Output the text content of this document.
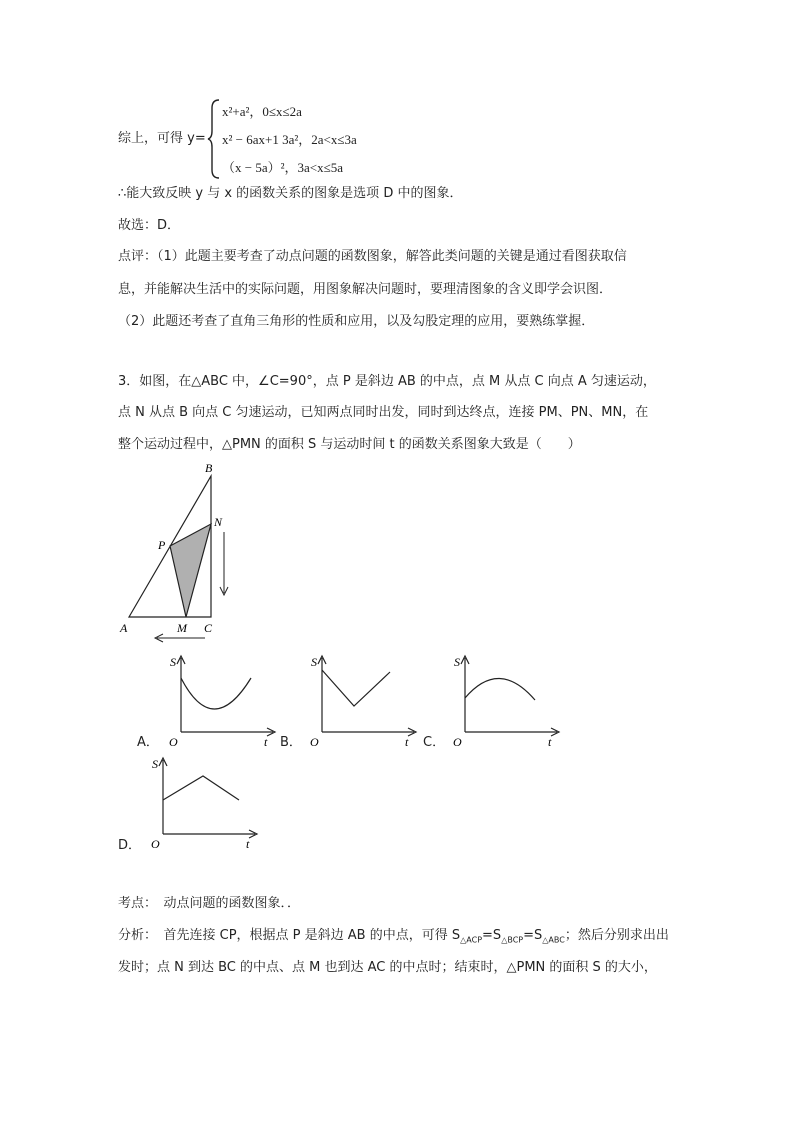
综上，可得 y=
x²+a²，0≤x≤2a
x² − 6ax+1 3a²，2a<x≤3a
（x − 5a）²，3a<x≤5a
∴能大致反映 y 与 x 的函数关系的图象是选项 D 中的图象．
故选：D．
点评：（1）此题主要考查了动点问题的函数图象，解答此类问题的关键是通过看图获取信
息，并能解决生活中的实际问题，用图象解决问题时，要理清图象的含义即学会识图．
（2）此题还考查了直角三角形的性质和应用，以及勾股定理的应用，要熟练掌握．
3．如图，在△ABC 中，∠C=90°，点 P 是斜边 AB 的中点，点 M 从点 C 向点 A 匀速运动，
点 N 从点 B 向点 C 匀速运动，已知两点同时出发，同时到达终点，连接 PM、PN、MN，在
整个运动过程中，△PMN 的面积 S 与运动时间 t 的函数关系图象大致是（　　）
B
N
P
A	M C
A．
S
t
O	B．
S
t
O	C．
S
t
O
D．
S
t
O
考点：　动点问题的函数图象．．
分析：　首先连接 CP，根据点 P 是斜边 AB 的中点，可得 $S_{\triangle ACP}=S_{\triangle BCP}=S_{\triangle ABC}$；然后分别求出出
发时；点 N 到达 BC 的中点、点 M 也到达 AC 的中点时；结束时，△PMN 的面积 S 的大小，
